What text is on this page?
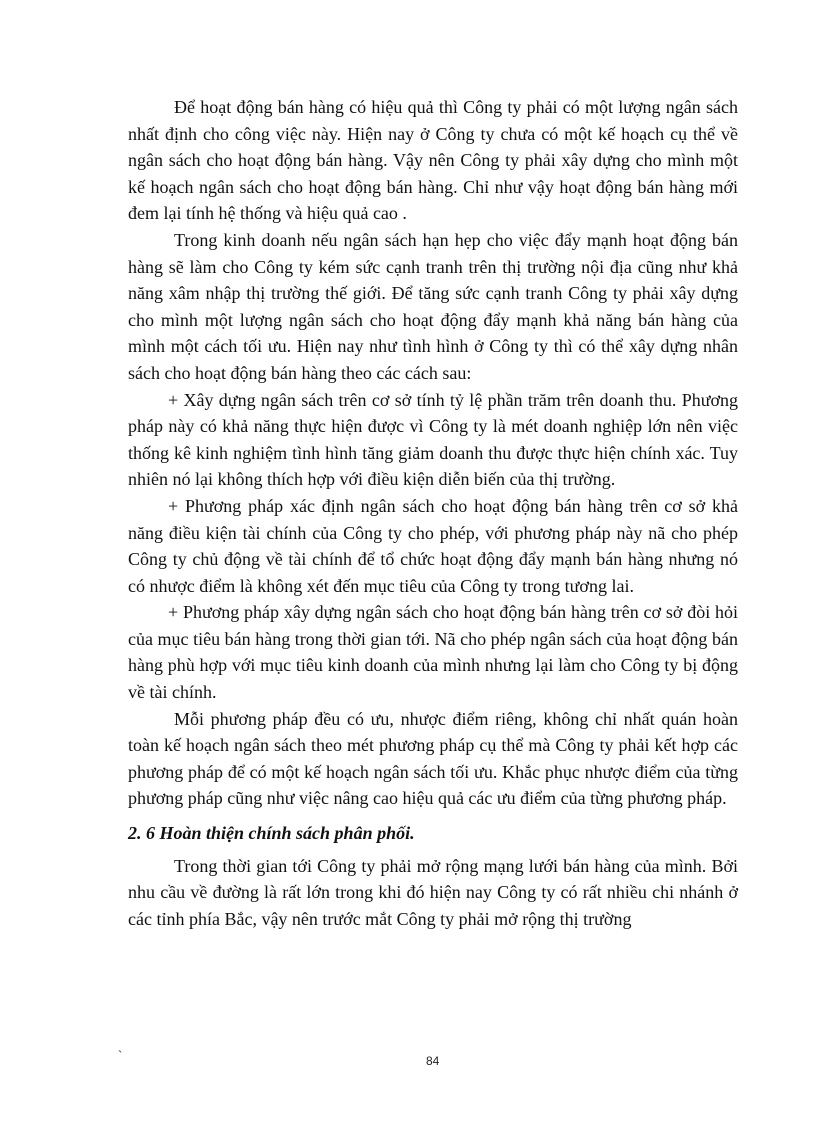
Để hoạt động bán hàng có hiệu quả thì Công ty phải có một lượng ngân sách nhất định cho công việc này. Hiện nay ở Công ty chưa có một kế hoạch cụ thể về ngân sách cho hoạt động bán hàng. Vậy nên Công ty phải xây dựng cho mình một kế hoạch ngân sách cho hoạt động bán hàng. Chỉ như vậy hoạt động bán hàng mới đem lại tính hệ thống và hiệu quả cao .

Trong kinh doanh nếu ngân sách hạn hẹp cho việc đẩy mạnh hoạt động bán hàng sẽ làm cho Công ty kém sức cạnh tranh trên thị trường nội địa cũng như khả năng xâm nhập thị trường thế giới. Để tăng sức cạnh tranh Công ty phải xây dựng cho mình một lượng ngân sách cho hoạt động đẩy mạnh khả năng bán hàng của mình một cách tối ưu. Hiện nay như tình hình ở Công ty thì có thể xây dựng nhân sách cho hoạt động bán hàng theo các cách sau:

+ Xây dựng ngân sách trên cơ sở tính tỷ lệ phần trăm trên doanh thu. Phương pháp này có khả năng thực hiện được vì Công ty là mét doanh nghiệp lớn nên việc thống kê kinh nghiệm tình hình tăng giảm doanh thu được thực hiện chính xác. Tuy nhiên nó lại không thích hợp với điều kiện diễn biến của thị trường.

+ Phương pháp xác định ngân sách cho hoạt động bán hàng trên cơ sở khả năng điều kiện tài chính của Công ty cho phép, với phương pháp này nã cho phép Công ty chủ động về tài chính để tổ chức hoạt động đẩy mạnh bán hàng nhưng nó có nhược điểm là không xét đến mục tiêu của Công ty trong tương lai.

+ Phương pháp xây dựng ngân sách cho hoạt động bán hàng trên cơ sở đòi hỏi của mục tiêu bán hàng trong thời gian tới. Nã cho phép ngân sách của hoạt động bán hàng phù hợp với mục tiêu kinh doanh của mình nhưng lại làm cho Công ty bị động về tài chính.

Mỗi phương pháp đều có ưu, nhược điểm riêng, không chỉ nhất quán hoàn toàn kế hoạch ngân sách theo mét phương pháp cụ thể mà Công ty phải kết hợp các phương pháp để có một kế hoạch ngân sách tối ưu. Khắc phục nhược điểm của từng phương pháp cũng như việc nâng cao hiệu quả các ưu điểm của từng phương pháp.

2. 6 Hoàn thiện chính sách phân phối.

Trong thời gian tới Công ty phải mở rộng mạng lưới bán hàng của mình. Bởi nhu cầu về đường là rất lớn trong khi đó hiện nay Công ty có rất nhiều chi nhánh ở các tỉnh phía Bắc, vậy nên trước mắt Công ty phải mở rộng thị trường

`	84
